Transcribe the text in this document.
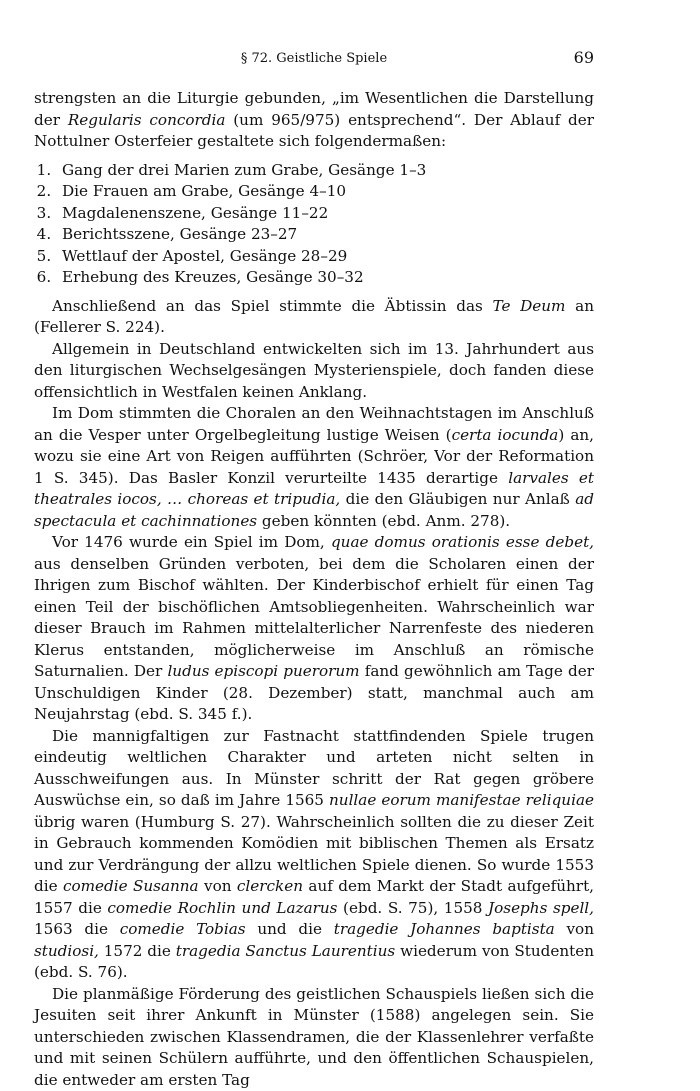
§ 72. Geistliche Spiele	69

strengsten an die Liturgie gebunden, „im Wesentlichen die Darstellung der Regularis concordia (um 965/975) entsprechend“. Der Ablauf der Nottulner Osterfeier gestaltete sich folgendermaßen:

1. Gang der drei Marien zum Grabe, Gesänge 1–3
2. Die Frauen am Grabe, Gesänge 4–10
3. Magdalenenszene, Gesänge 11–22
4. Berichtsszene, Gesänge 23–27
5. Wettlauf der Apostel, Gesänge 28–29
6. Erhebung des Kreuzes, Gesänge 30–32

Anschließend an das Spiel stimmte die Äbtissin das Te Deum an (Fellerer S. 224).

Allgemein in Deutschland entwickelten sich im 13. Jahrhundert aus den liturgischen Wechselgesängen Mysterienspiele, doch fanden diese offensichtlich in Westfalen keinen Anklang.

Im Dom stimmten die Choralen an den Weihnachtstagen im Anschluß an die Vesper unter Orgelbegleitung lustige Weisen (certa iocunda) an, wozu sie eine Art von Reigen aufführten (Schröer, Vor der Reformation 1 S. 345). Das Basler Konzil verurteilte 1435 derartige larvales et theatrales iocos, … choreas et tripudia, die den Gläubigen nur Anlaß ad spectacula et cachinnationes geben könnten (ebd. Anm. 278).

Vor 1476 wurde ein Spiel im Dom, quae domus orationis esse debet, aus denselben Gründen verboten, bei dem die Scholaren einen der Ihrigen zum Bischof wählten. Der Kinderbischof erhielt für einen Tag einen Teil der bischöflichen Amtsobliegenheiten. Wahrscheinlich war dieser Brauch im Rahmen mittelalterlicher Narrenfeste des niederen Klerus entstanden, möglicherweise im Anschluß an römische Saturnalien. Der ludus episcopi puerorum fand gewöhnlich am Tage der Unschuldigen Kinder (28. Dezember) statt, manchmal auch am Neujahrstag (ebd. S. 345 f.).

Die mannigfaltigen zur Fastnacht stattfindenden Spiele trugen eindeutig weltlichen Charakter und arteten nicht selten in Ausschweifungen aus. In Münster schritt der Rat gegen gröbere Auswüchse ein, so daß im Jahre 1565 nullae eorum manifestae reliquiae übrig waren (Humburg S. 27). Wahrscheinlich sollten die zu dieser Zeit in Gebrauch kommenden Komödien mit biblischen Themen als Ersatz und zur Verdrängung der allzu weltlichen Spiele dienen. So wurde 1553 die comedie Susanna von clercken auf dem Markt der Stadt aufgeführt, 1557 die comedie Rochlin und Lazarus (ebd. S. 75), 1558 Josephs spell, 1563 die comedie Tobias und die tragedie Johannes baptista von studiosi, 1572 die tragedia Sanctus Laurentius wiederum von Studenten (ebd. S. 76).

Die planmäßige Förderung des geistlichen Schauspiels ließen sich die Jesuiten seit ihrer Ankunft in Münster (1588) angelegen sein. Sie unterschieden zwischen Klassendramen, die der Klassenlehrer verfaßte und mit seinen Schülern aufführte, und den öffentlichen Schauspielen, die entweder am ersten Tag
